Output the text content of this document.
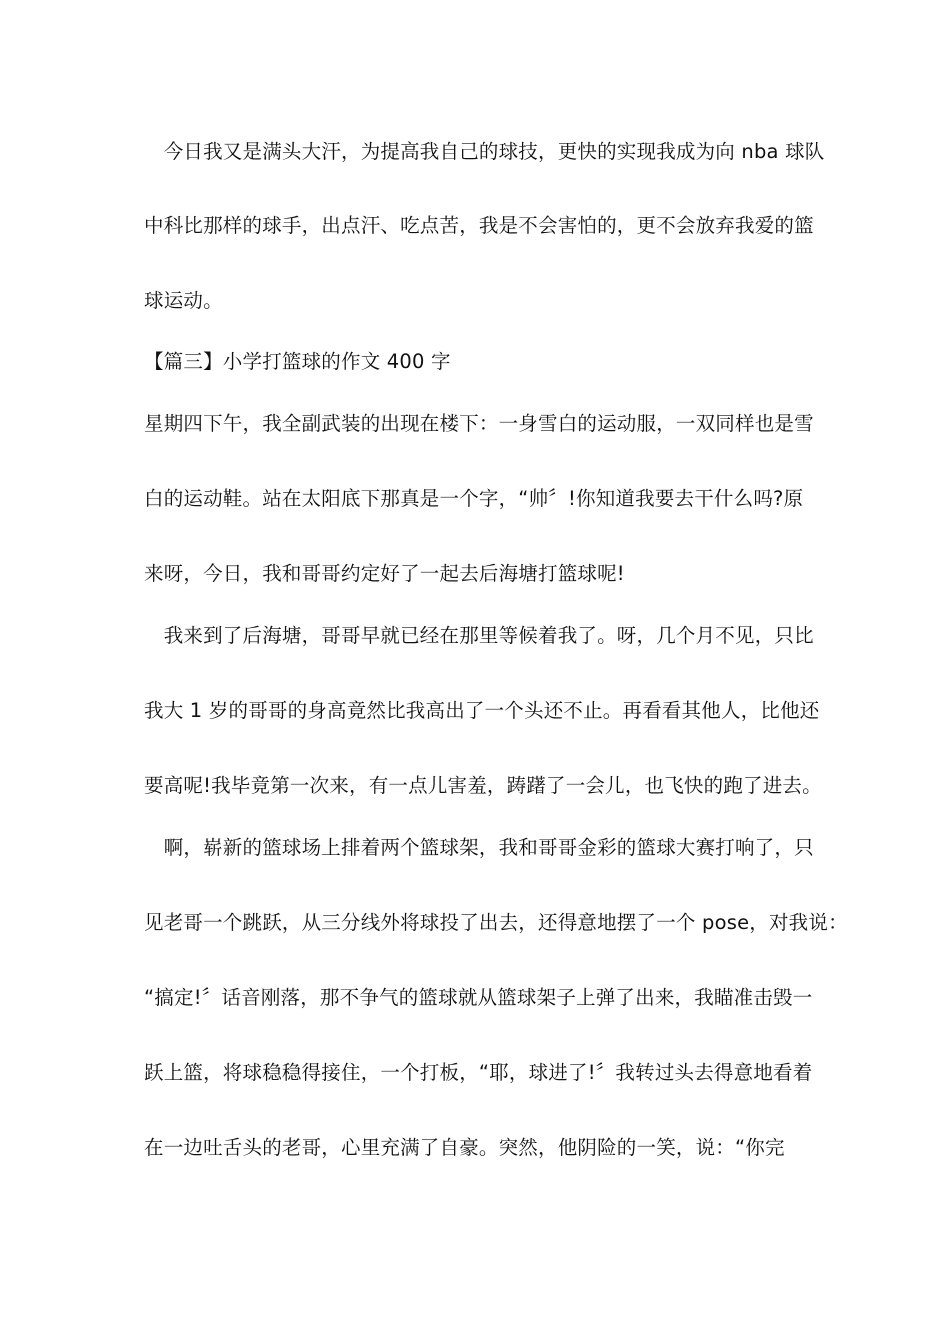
　今日我又是满头大汗，为提高我自己的球技，更快的实现我成为向 nba 球队
中科比那样的球手，出点汗、吃点苦，我是不会害怕的，更不会放弃我爱的篮
球运动。
【篇三】小学打篮球的作文 400 字
星期四下午，我全副武装的出现在楼下：一身雪白的运动服，一双同样也是雪
白的运动鞋。站在太阳底下那真是一个字，“帅〞!你知道我要去干什么吗?原
来呀，今日，我和哥哥约定好了一起去后海塘打篮球呢!
　我来到了后海塘，哥哥早就已经在那里等候着我了。呀，几个月不见，只比
我大 1 岁的哥哥的身高竟然比我高出了一个头还不止。再看看其他人，比他还
要高呢!我毕竟第一次来，有一点儿害羞，踌躇了一会儿，也飞快的跑了进去。
　啊，崭新的篮球场上排着两个篮球架，我和哥哥金彩的篮球大赛打响了，只
见老哥一个跳跃，从三分线外将球投了出去，还得意地摆了一个 pose，对我说：
“搞定!〞话音刚落，那不争气的篮球就从篮球架子上弹了出来，我瞄准击毁一
跃上篮，将球稳稳得接住，一个打板，“耶，球进了!〞我转过头去得意地看着
在一边吐舌头的老哥，心里充满了自豪。突然，他阴险的一笑，说：“你完
